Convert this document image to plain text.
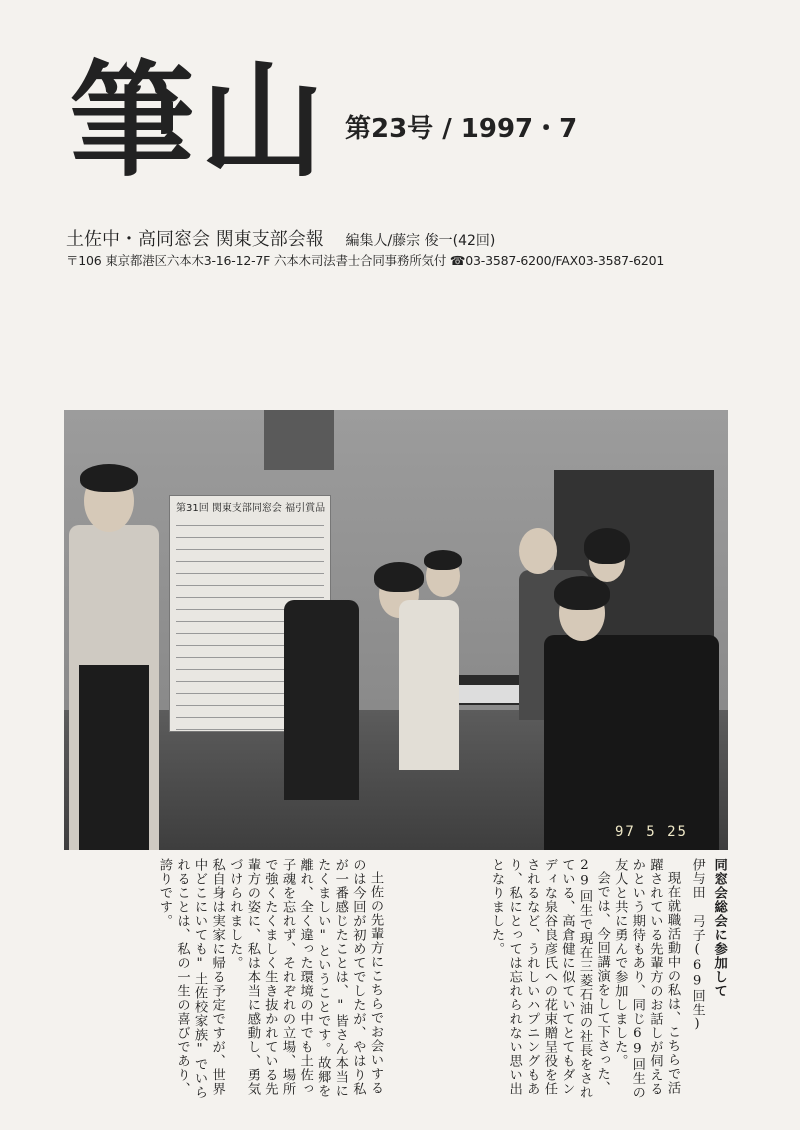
筆山 第23号 / 1997・7
土佐中・高同窓会 関東支部会報 編集人/藤宗 俊一(42回)
〒106 東京都港区六本木3-16-12-7F 六本木司法書士合同事務所気付 ☎03-3587-6200/FAX03-3587-6201
第31回 関東支部同窓会 福引賞品
97 5 25
同窓会総会に参加して
伊与田 弓子(69回生)

現在就職活動中の私は、こちらで活躍されている先輩方のお話しが伺えるかという期待もあり、同じ69回生の友人と共に勇んで参加しました。

会では、今回講演をして下さった、29回生で現在三菱石油の社長をされている、高倉健に似ていてとてもダンディな泉谷良彦氏への花束贈呈役を任されるなど、うれしいハプニングもあり、私にとっては忘れられない思い出となりました。

土佐の先輩方にこちらでお会いするのは今回が初めてでしたが、やはり私が一番感じたことは、"皆さん本当にたくましい"ということです。故郷を離れ、全く違った環境の中でも土佐っ子魂を忘れず、それぞれの立場、場所で強くたくましく生き抜かれている先輩方の姿に、私は本当に感動し、勇気づけられました。

私自身は実家に帰る予定ですが、世界中どこにいても"土佐校家族"でいられることは、私の一生の喜びであり、誇りです。
